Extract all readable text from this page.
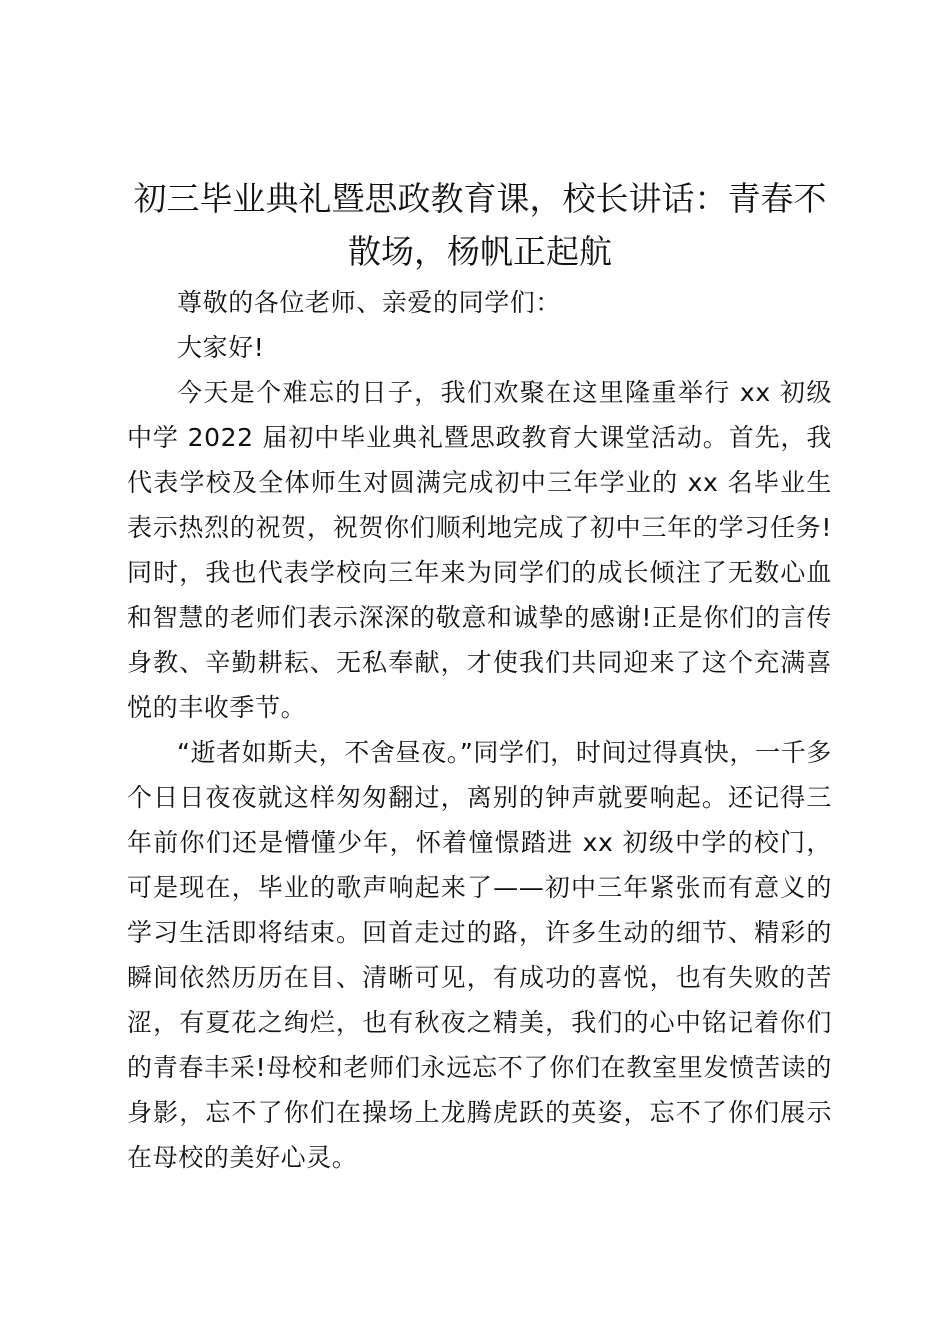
初三毕业典礼暨思政教育课，校长讲话：青春不散场，杨帆正起航

尊敬的各位老师、亲爱的同学们：

大家好!

今天是个难忘的日子，我们欢聚在这里隆重举行 xx 初级中学 2022 届初中毕业典礼暨思政教育大课堂活动。首先，我代表学校及全体师生对圆满完成初中三年学业的 xx 名毕业生表示热烈的祝贺，祝贺你们顺利地完成了初中三年的学习任务!同时，我也代表学校向三年来为同学们的成长倾注了无数心血和智慧的老师们表示深深的敬意和诚挚的感谢!正是你们的言传身教、辛勤耕耘、无私奉献，才使我们共同迎来了这个充满喜悦的丰收季节。

“逝者如斯夫，不舍昼夜。”同学们，时间过得真快，一千多个日日夜夜就这样匆匆翻过，离别的钟声就要响起。还记得三年前你们还是懵懂少年，怀着憧憬踏进 xx 初级中学的校门，可是现在，毕业的歌声响起来了——初中三年紧张而有意义的学习生活即将结束。回首走过的路，许多生动的细节、精彩的瞬间依然历历在目、清晰可见，有成功的喜悦，也有失败的苦涩，有夏花之绚烂，也有秋夜之精美，我们的心中铭记着你们的青春丰采!母校和老师们永远忘不了你们在教室里发愤苦读的身影，忘不了你们在操场上龙腾虎跃的英姿，忘不了你们展示在母校的美好心灵。
